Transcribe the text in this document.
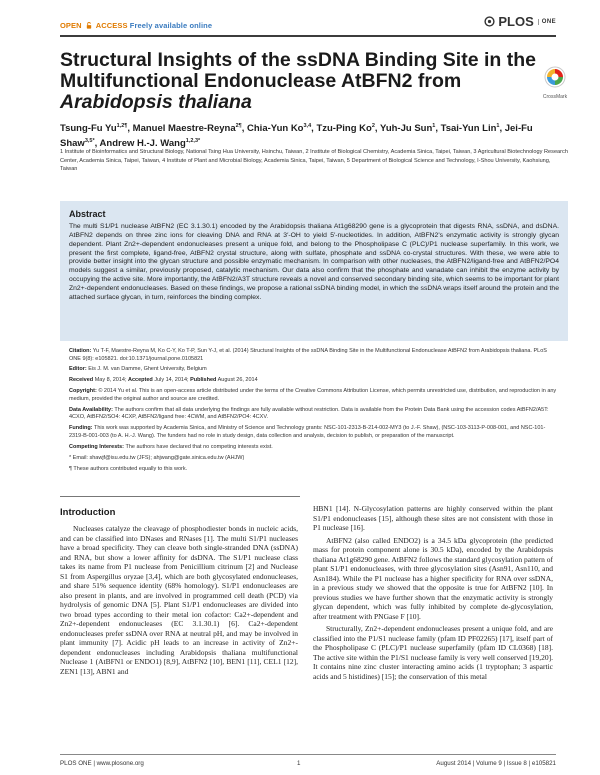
OPEN ACCESS Freely available online	PLOS	ONE
Structural Insights of the ssDNA Binding Site in the Multifunctional Endonuclease AtBFN2 from Arabidopsis thaliana	CrossMark
Tsung-Fu $Yu^{1,2\P}$, Manuel Maestre-Reyna$^{2\P}$, Chia-Yun Ko$^{3,4}$, Tzu-Ping Ko$^2$, Yuh-Ju Sun$^1$, Tsai-Yun Lin$^1$, Jei-Fu Shaw$^{3,5*}$, Andrew H.-J. Wang$^{1,2,3*}$
1 Institute of Bioinformatics and Structural Biology, National Tsing Hua University, Hsinchu, Taiwan, 2 Institute of Biological Chemistry, Academia Sinica, Taipei, Taiwan, 3 Agricultural Biotechnology Research Center, Academia Sinica, Taipei, Taiwan, 4 Institute of Plant and Microbial Biology, Academia Sinica, Taipei, Taiwan, 5 Department of Biological Science and Technology, I-Shou University, Kaohsiung, Taiwan
Abstract
The multi S1/P1 nuclease AtBFN2 (EC 3.1.30.1) encoded by the Arabidopsis thaliana At1g68290 gene is a glycoprotein that digests RNA, ssDNA, and dsDNA. AtBFN2 depends on three zinc ions for cleaving DNA and RNA at 3′-OH to yield 5′-nucleotides. In addition, AtBFN2's enzymatic activity is strongly glycan dependent. Plant Zn2+-dependent endonucleases present a unique fold, and belong to the Phospholipase C (PLC)/P1 nuclease superfamily. In this work, we present the first complete, ligand-free, AtBFN2 crystal structure, along with sulfate, phosphate and ssDNA co-crystal structures. With these, we were able to provide better insight into the glycan structure and possible enzymatic mechanism. In comparison with other nucleases, the AtBFN2/ligand-free and AtBFN2/PO4 models suggest a similar, previously proposed, catalytic mechanism. Our data also confirm that the phosphate and vanadate can inhibit the enzyme activity by occupying the active site. More importantly, the AtBFN2/A3T structure reveals a novel and conserved secondary binding site, which seems to be important for plant Zn2+-dependent endonucleases. Based on these findings, we propose a rational ssDNA binding model, in which the ssDNA wraps itself around the protein and the attached surface glycan, in turn, reinforces the binding complex.

Citation: Yu T-F, Maestre-Reyna M, Ko C-Y, Ko T-P, Sun Y-J, et al. (2014) Structural Insights of the ssDNA Binding Site in the Multifunctional Endonuclease AtBFN2 from Arabidopsis thaliana. PLoS ONE 9(8): e105821. doi:10.1371/journal.pone.0105821

Editor: Eis J. M. van Damme, Ghent University, Belgium

Received May 8, 2014; Accepted July 14, 2014; Published August 26, 2014

Copyright: © 2014 Yu et al. This is an open-access article distributed under the terms of the Creative Commons Attribution License, which permits unrestricted use, distribution, and reproduction in any medium, provided the original author and source are credited.

Data Availability: The authors confirm that all data underlying the findings are fully available without restriction. Data is available from the Protein Data Bank using the accession codes AtBFN2/A5T: 4CXO, AtBFN2/SO4: 4CXP, AtBFN2/ligand free: 4CWM, and AtBFN2/PO4: 4CXV.

Funding: This work was supported by Academia Sinica, and Ministry of Science and Technology grants: NSC-101-2313-B-214-002-MY3 (to J.-F. Shaw), (NSC-103-3113-P-008-001, and NSC-101-2319-B-001-003 (to A. H.-J. Wang). The funders had no role in study design, data collection and analysis, decision to publish, or preparation of the manuscript.

Competing Interests: The authors have declared that no competing interests exist.

* Email: shawjf@isu.edu.tw (JFS); ahjwang@gate.sinica.edu.tw (AHJW)

¶ These authors contributed equally to this work.

Introduction

Nucleases catalyze the cleavage of phosphodiester bonds in nucleic acids, and can be classified into DNases and RNases [1]. The multi S1/P1 nucleases have a broad specificity. They can cleave both single-stranded DNA (ssDNA) and RNA, but show a lower affinity for dsDNA. The S1/P1 nuclease class takes its name from P1 nuclease from Penicillium citrinum [2] and Nuclease S1 from Aspergillus oryzae [3,4], which are both glycosylated endonucleases, and share 51% sequence identity (68% homology). S1/P1 endonucleases are also present in plants, and are involved in programmed cell death (PCD) via hydrolysis of genomic DNA [5]. Plant S1/P1 endonucleases are divided into two broad types according to their metal ion cofactor: Ca2+-dependent and Zn2+-dependent endonucleases (EC 3.1.30.1) [6]. Ca2+-dependent endonucleases prefer ssDNA over RNA at neutral pH, and may be involved in plant immunity [7]. Acidic pH leads to an increase in activity of Zn2+-dependent endonucleases including Arabidopsis thaliana multifunctional Nuclease 1 (AtBFN1 or ENDO1) [8,9], AtBFN2 [10], BEN1 [11], CEL1 [12], ZEN1 [13], ABN1 and

HBN1 [14]. N-Glycosylation patterns are highly conserved within the plant S1/P1 endonucleases [15], although these sites are not consistent with those in P1 nuclease [16].

AtBFN2 (also called ENDO2) is a 34.5 kDa glycoprotein (the predicted mass for protein component alone is 30.5 kDa), encoded by the Arabidopsis thaliana At1g68290 gene. AtBFN2 follows the standard glycosylation pattern of plant S1/P1 endonucleases, with three glycosylation sites (Asn91, Asn110, and Asn184). While the P1 nuclease has a higher specificity for RNA over ssDNA, in a previous study we showed that the opposite is true for AtBFN2 [10]. In previous studies we have further shown that the enzymatic activity is strongly glycan dependent, which was fully inhibited by complete de-glycosylation, after treatment with PNGase F [10].

Structurally, Zn2+-dependent endonucleases present a unique fold, and are classified into the P1/S1 nuclease family (pfam ID PF02265) [17], itself part of the Phospholipase C (PLC)/P1 nuclease superfamily (pfam ID CL0368) [18]. The active site within the P1/S1 nuclease family is very well conserved [19,20]. It contains nine zinc cluster interacting amino acids (1 tryptophan; 3 aspartic acids and 5 histidines) [15]; the conservation of this metal

PLOS ONE | www.plosone.org	1	August 2014 | Volume 9 | Issue 8 | e105821
